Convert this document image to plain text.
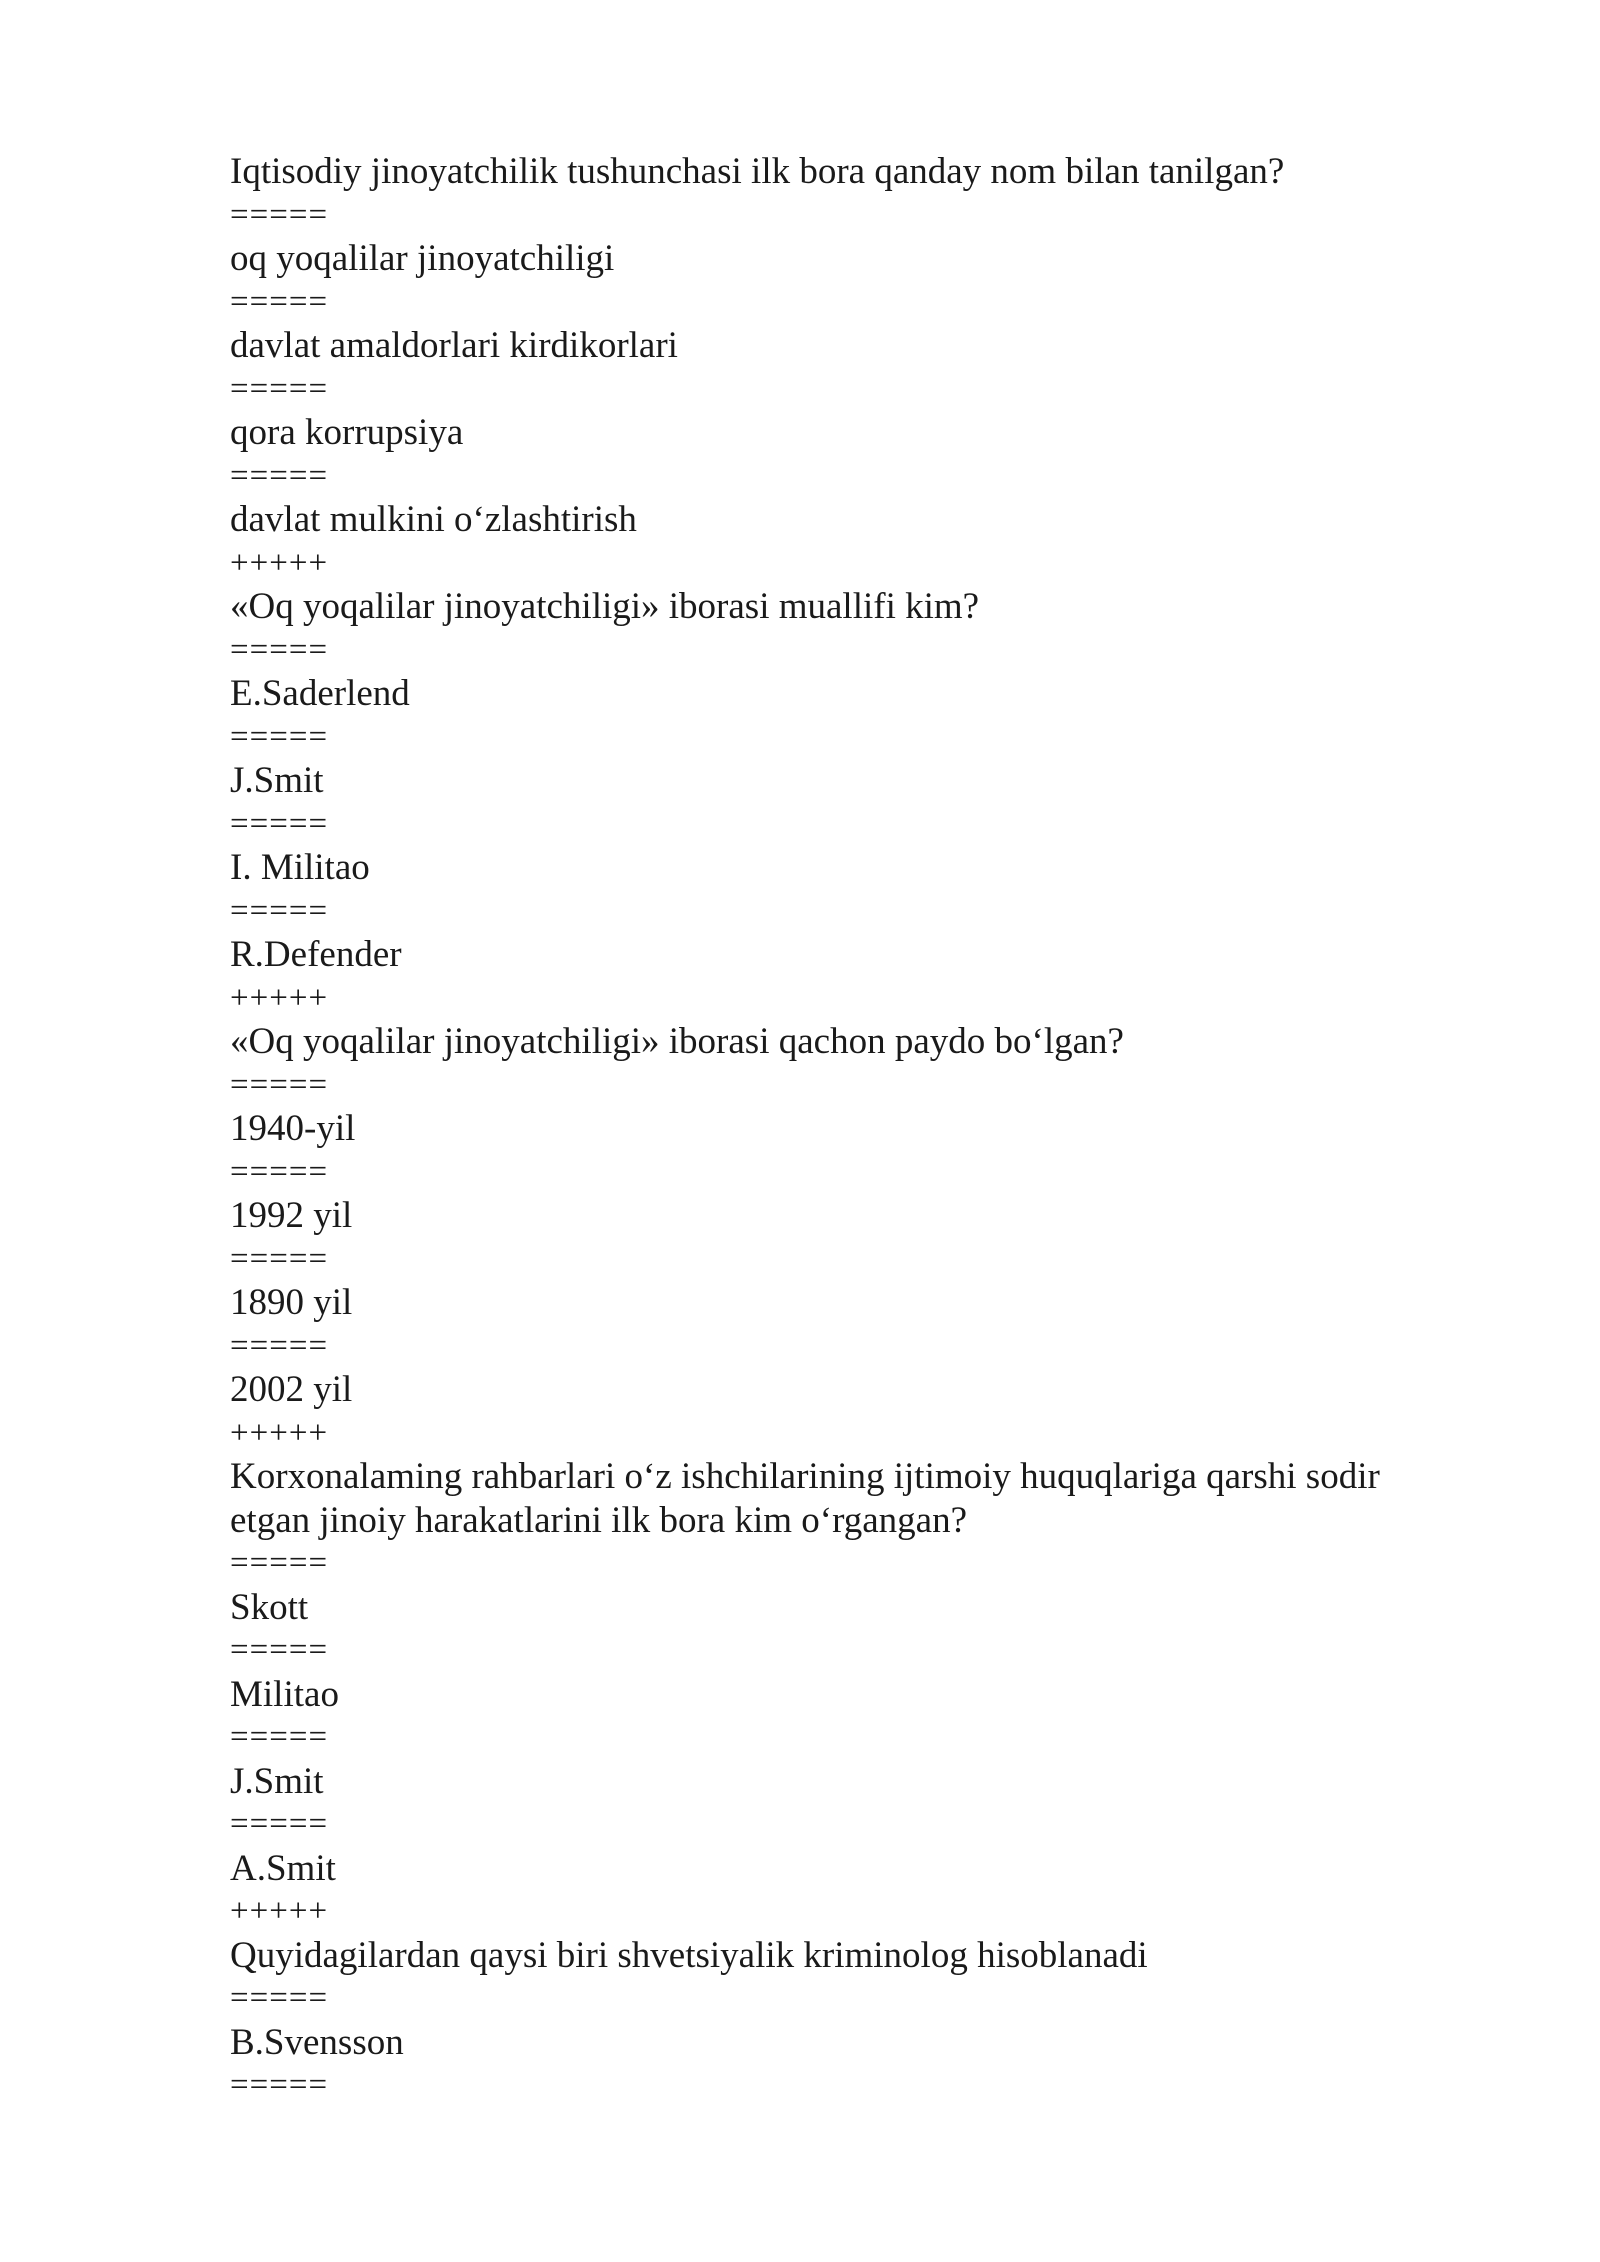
Iqtisodiy jinoyatchilik tushunchasi ilk bora qanday nom bilan tanilgan?
=====
oq yoqalilar jinoyatchiligi
=====
davlat amaldorlari kirdikorlari
=====
qora korrupsiya
=====
davlat mulkini o‘zlashtirish
+++++
«Oq yoqalilar jinoyatchiligi» iborasi muallifi kim?
=====
E.Saderlend
=====
J.Smit
=====
I. Militao
=====
R.Defender
+++++
«Oq yoqalilar jinoyatchiligi» iborasi qachon paydo bo‘lgan?
=====
1940-yil
=====
1992 yil
=====
1890 yil
=====
2002 yil
+++++
Korxonalaming rahbarlari o‘z ishchilarining ijtimoiy huquqlariga qarshi sodir etgan jinoiy harakatlarini ilk bora kim o‘rgangan?
=====
Skott
=====
Militao
=====
J.Smit
=====
A.Smit
+++++
Quyidagilardan qaysi biri shvetsiyalik kriminolog hisoblanadi
=====
B.Svensson
=====
